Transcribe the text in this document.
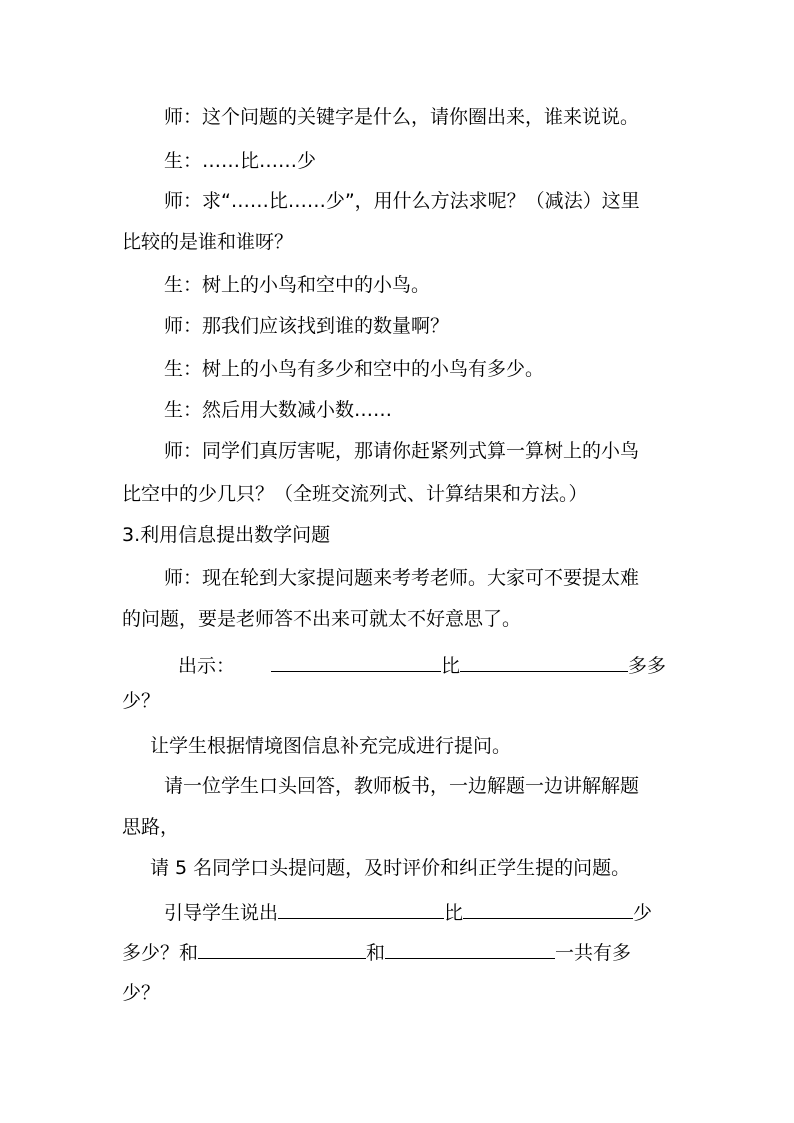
师：这个问题的关键字是什么，请你圈出来，谁来说说。
生：……比……少
师：求“……比……少”，用什么方法求呢？（减法）这里
比较的是谁和谁呀？
生：树上的小鸟和空中的小鸟。
师：那我们应该找到谁的数量啊？
生：树上的小鸟有多少和空中的小鸟有多少。
生：然后用大数减小数……
师：同学们真厉害呢，那请你赶紧列式算一算树上的小鸟
比空中的少几只？（全班交流列式、计算结果和方法。）
3.利用信息提出数学问题
师：现在轮到大家提问题来考考老师。大家可不要提太难
的问题，要是老师答不出来可就太不好意思了。
出示：	比	多多
少？
让学生根据情境图信息补充完成进行提问。
请一位学生口头回答，教师板书，一边解题一边讲解解题
思路，
请 5 名同学口头提问题，及时评价和纠正学生提的问题。
引导学生说出	比	少
多少？和	和	一共有多
少？
